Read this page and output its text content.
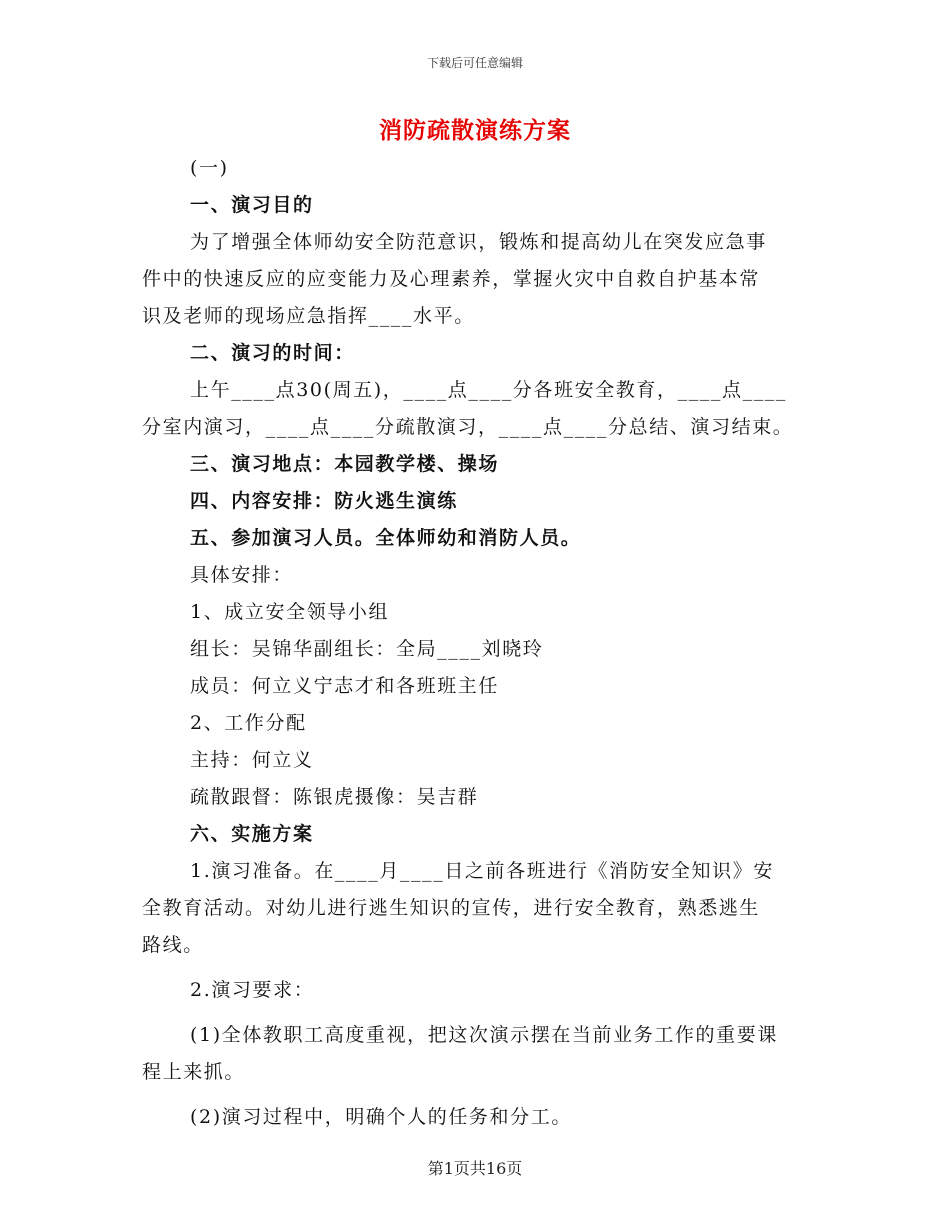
下载后可任意编辑
消防疏散演练方案

(一)

一、演习目的

为了增强全体师幼安全防范意识，锻炼和提高幼儿在突发应急事

件中的快速反应的应变能力及心理素养，掌握火灾中自救自护基本常

识及老师的现场应急指挥____水平。

二、演习的时间：

上午____点30(周五)，____点____分各班安全教育，____点____

分室内演习，____点____分疏散演习，____点____分总结、演习结束。

三、演习地点：本园教学楼、操场

四、内容安排：防火逃生演练

五、参加演习人员。全体师幼和消防人员。

具体安排：

1、成立安全领导小组

组长：吴锦华副组长：全局____刘晓玲

成员：何立义宁志才和各班班主任

2、工作分配

主持：何立义

疏散跟督：陈银虎摄像：吴吉群

六、实施方案

1.演习准备。在____月____日之前各班进行《消防安全知识》安

全教育活动。对幼儿进行逃生知识的宣传，进行安全教育，熟悉逃生

路线。

2.演习要求：

(1)全体教职工高度重视，把这次演示摆在当前业务工作的重要课

程上来抓。

(2)演习过程中，明确个人的任务和分工。

第1页共16页
